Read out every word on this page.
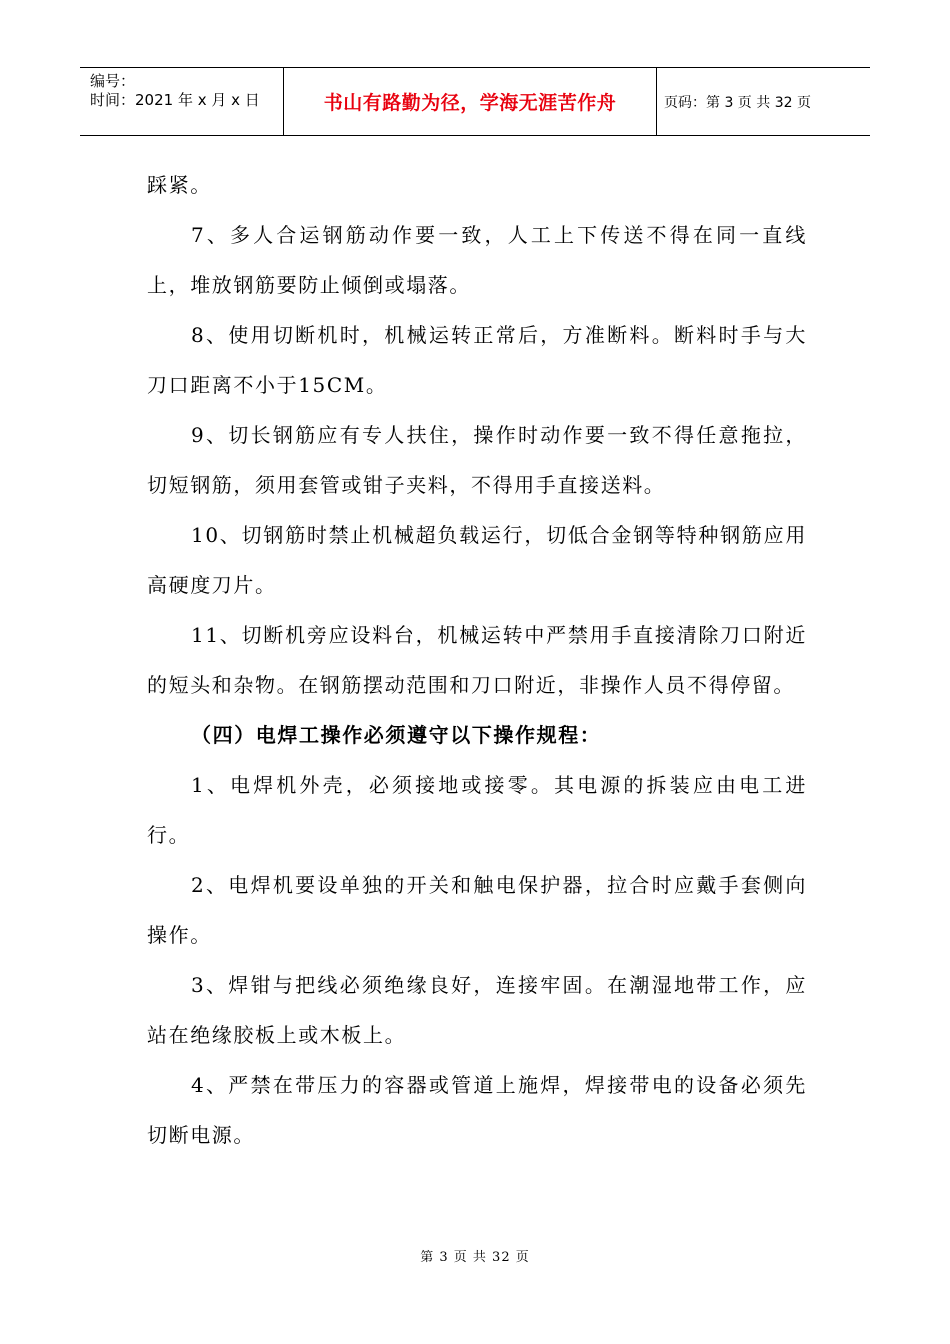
编号：
时间：2021 年 x 月 x 日	书山有路勤为径，学海无涯苦作舟	页码：第 3 页 共 32 页

踩紧。

7、多人合运钢筋动作要一致，人工上下传送不得在同一直线上，堆放钢筋要防止倾倒或塌落。

8、使用切断机时，机械运转正常后，方准断料。断料时手与大刀口距离不小于15CM。

9、切长钢筋应有专人扶住，操作时动作要一致不得任意拖拉，切短钢筋，须用套管或钳子夹料，不得用手直接送料。

10、切钢筋时禁止机械超负载运行，切低合金钢等特种钢筋应用高硬度刀片。

11、切断机旁应设料台，机械运转中严禁用手直接清除刀口附近的短头和杂物。在钢筋摆动范围和刀口附近，非操作人员不得停留。

（四）电焊工操作必须遵守以下操作规程：

1、电焊机外壳，必须接地或接零。其电源的拆装应由电工进行。

2、电焊机要设单独的开关和触电保护器，拉合时应戴手套侧向操作。

3、焊钳与把线必须绝缘良好，连接牢固。在潮湿地带工作，应站在绝缘胶板上或木板上。

4、严禁在带压力的容器或管道上施焊，焊接带电的设备必须先切断电源。

第 3 页 共 32 页
